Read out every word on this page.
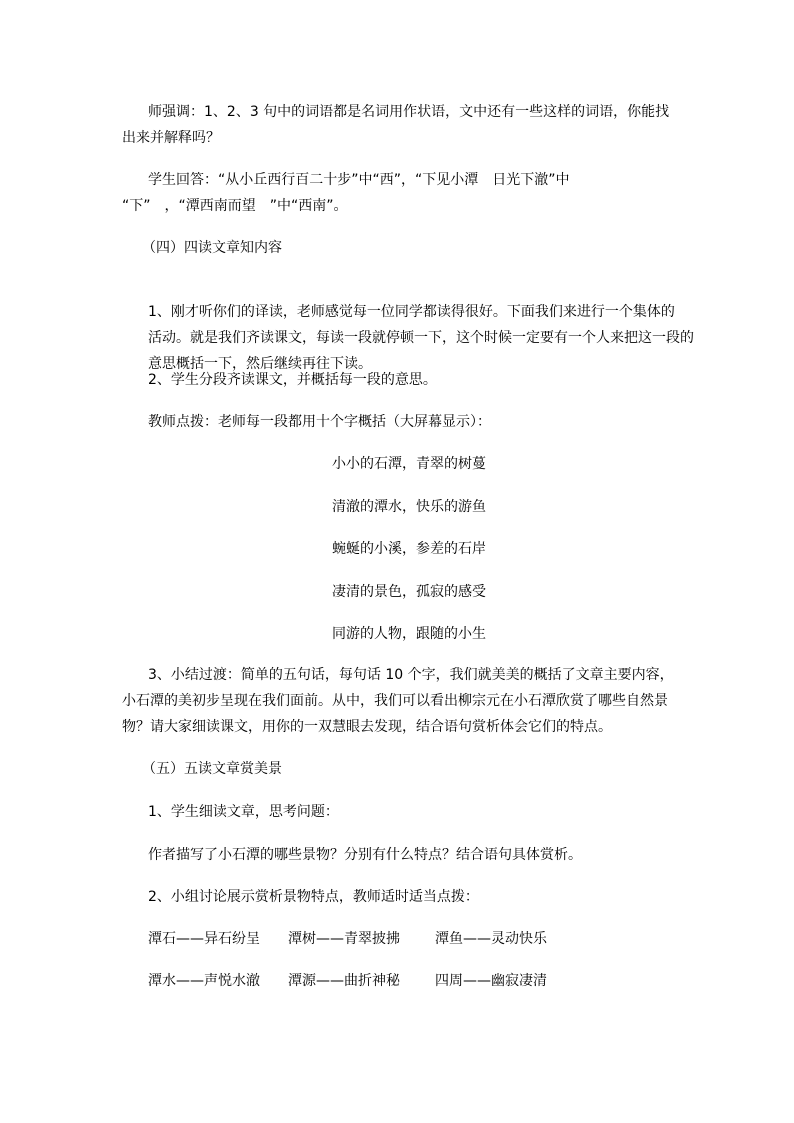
师强调：1、2、3 句中的词语都是名词用作状语，文中还有一些这样的词语，你能找
出来并解释吗？
学生回答：“从小丘西行百二十步”中“西”，“下见小潭　日光下澈”中
“下”　，“潭西南而望　”中“西南”。
（四）四读文章知内容
1、刚才听你们的译读，老师感觉每一位同学都读得很好。下面我们来进行一个集体的
活动。就是我们齐读课文，每读一段就停顿一下，这个时候一定要有一个人来把这一段的
意思概括一下，然后继续再往下读。
2、学生分段齐读课文，并概括每一段的意思。
教师点拨：老师每一段都用十个字概括（大屏幕显示）：
小小的石潭，青翠的树蔓
清澈的潭水，快乐的游鱼
蜿蜒的小溪，参差的石岸
凄清的景色，孤寂的感受
同游的人物，跟随的小生
3、小结过渡：简单的五句话，每句话 10 个字，我们就美美的概括了文章主要内容，
小石潭的美初步呈现在我们面前。从中，我们可以看出柳宗元在小石潭欣赏了哪些自然景
物？请大家细读课文，用你的一双慧眼去发现，结合语句赏析体会它们的特点。
（五）五读文章赏美景
1、学生细读文章，思考问题：
作者描写了小石潭的哪些景物？分别有什么特点？结合语句具体赏析。
2、小组讨论展示赏析景物特点，教师适时适当点拨：
潭石——异石纷呈 潭树——青翠披拂	潭鱼——灵动快乐
潭水——声悦水澈 潭源——曲折神秘	四周——幽寂凄清
